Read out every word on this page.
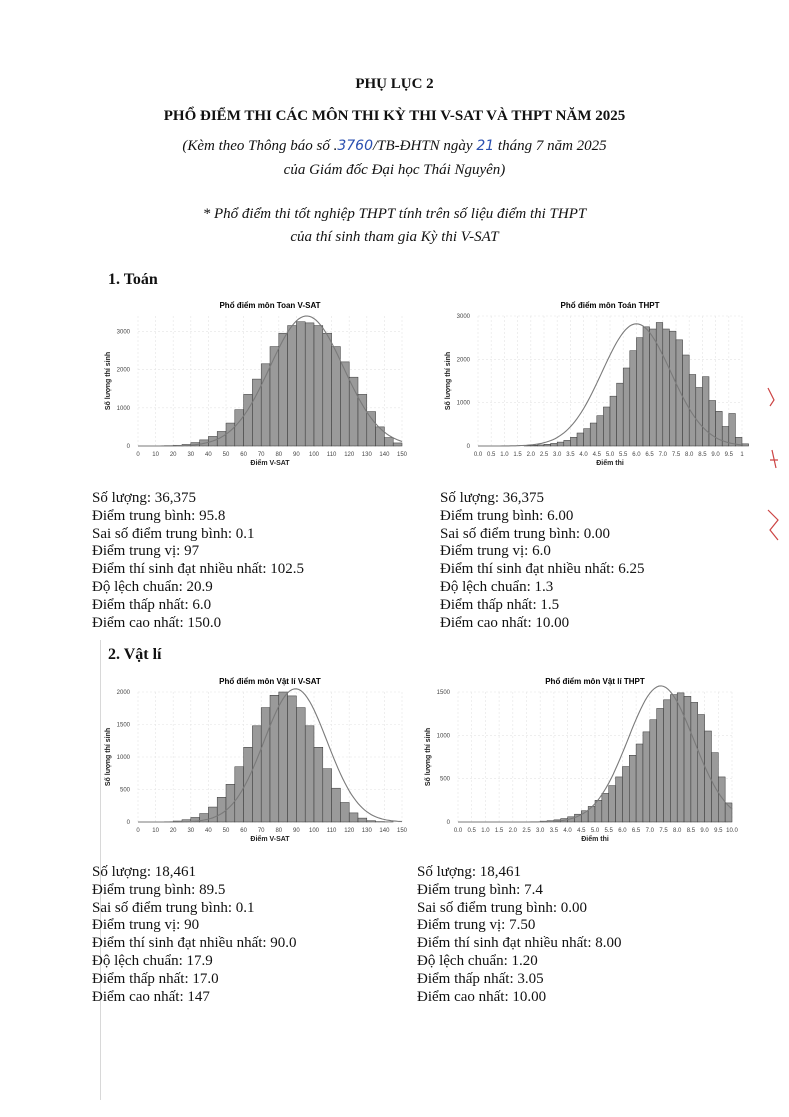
PHỤ LỤC 2
PHỔ ĐIỂM THI CÁC MÔN THI KỲ THI V-SAT VÀ THPT NĂM 2025
(Kèm theo Thông báo số .3760/TB-ĐHTN ngày 21 tháng 7 năm 2025
của Giám đốc Đại học Thái Nguyên)
* Phổ điểm thi tốt nghiệp THPT tính trên số liệu điểm thi THPT
của thí sinh tham gia Kỳ thi V-SAT
1. Toán
2. Vật lí
Phổ điểm môn Toan V-SAT
0 10 20 30 40 50 60 70 80 90 100 110 120 130 140 150
0
1000
2000
3000
Điểm V-SAT
Số lượng thí sinh
Phổ điểm môn Toán THPT
0.0 0.5 1.0 1.5 2.0 2.5 3.0 3.5 4.0 4.5 5.0 5.5 6.0 6.5 7.0 7.5 8.0 8.5 9.0 9.5 1
0
1000
2000
3000
Điểm thi
Số lượng thí sinh
Phổ điểm môn Vật lí V-SAT
0 10 20 30 40 50 60 70 80 90 100 110 120 130 140 150
0
500
1000
1500
2000
Điểm V-SAT
Số lượng thí sinh
Phổ điểm môn Vật lí THPT
0.0 0.5 1.0 1.5 2.0 2.5 3.0 3.5 4.0 4.5 5.0 5.5 6.0 6.5 7.0 7.5 8.0 8.5 9.0 9.5 10.0
0
500
1000
1500
Điểm thi
Số lượng thí sinh
Số lượng: 36,375
Điểm trung bình: 95.8
Sai số điểm trung bình: 0.1
Điểm trung vị: 97
Điểm thí sinh đạt nhiều nhất: 102.5
Độ lệch chuẩn: 20.9
Điểm thấp nhất: 6.0
Điểm cao nhất: 150.0
Số lượng: 36,375
Điểm trung bình: 6.00
Sai số điểm trung bình: 0.00
Điểm trung vị: 6.0
Điểm thí sinh đạt nhiều nhất: 6.25
Độ lệch chuẩn: 1.3
Điểm thấp nhất: 1.5
Điểm cao nhất: 10.00
Số lượng: 18,461
Điểm trung bình: 89.5
Sai số điểm trung bình: 0.1
Điểm trung vị: 90
Điểm thí sinh đạt nhiều nhất: 90.0
Độ lệch chuẩn: 17.9
Điểm thấp nhất: 17.0
Điểm cao nhất: 147
Số lượng: 18,461
Điểm trung bình: 7.4
Sai số điểm trung bình: 0.00
Điểm trung vị: 7.50
Điểm thí sinh đạt nhiều nhất: 8.00
Độ lệch chuẩn: 1.20
Điểm thấp nhất: 3.05
Điểm cao nhất: 10.00
